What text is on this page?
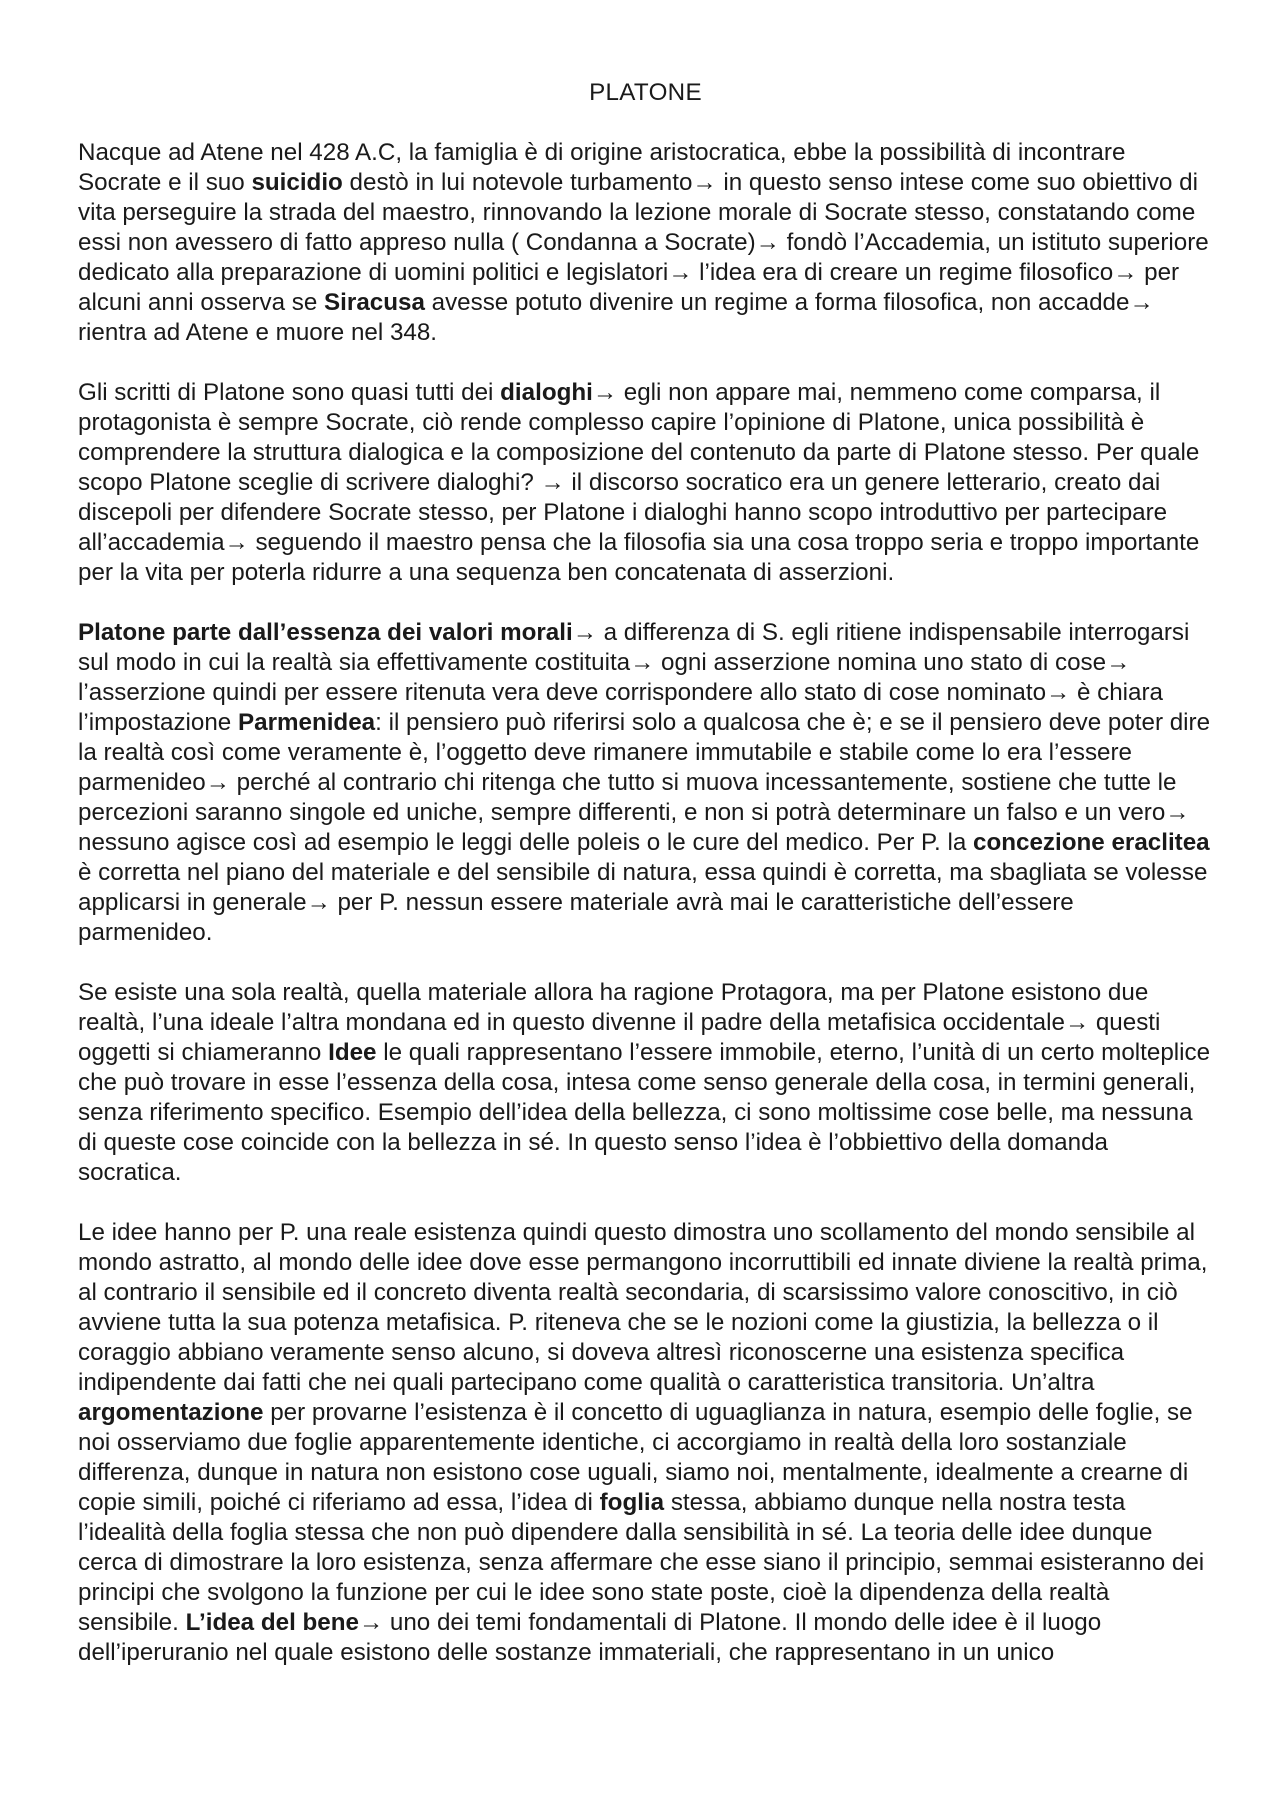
PLATONE

Nacque ad Atene nel 428 A.C, la famiglia è di origine aristocratica, ebbe la possibilità di incontrare Socrate e il suo suicidio destò in lui notevole turbamento→ in questo senso intese come suo obiettivo di vita perseguire la strada del maestro, rinnovando la lezione morale di Socrate stesso, constatando come essi non avessero di fatto appreso nulla ( Condanna a Socrate)→ fondò l’Accademia, un istituto superiore dedicato alla preparazione di uomini politici e legislatori→ l’idea era di creare un regime filosofico→ per alcuni anni osserva se Siracusa avesse potuto divenire un regime a forma filosofica, non accadde→ rientra ad Atene e muore nel 348.

Gli scritti di Platone sono quasi tutti dei dialoghi→ egli non appare mai, nemmeno come comparsa, il protagonista è sempre Socrate, ciò rende complesso capire l’opinione di Platone, unica possibilità è comprendere la struttura dialogica e la composizione del contenuto da parte di Platone stesso. Per quale scopo Platone sceglie di scrivere dialoghi? → il discorso socratico era un genere letterario, creato dai discepoli per difendere Socrate stesso, per Platone i dialoghi hanno scopo introduttivo per partecipare all’accademia→ seguendo il maestro pensa che la filosofia sia una cosa troppo seria e troppo importante per la vita per poterla ridurre a una sequenza ben concatenata di asserzioni.

Platone parte dall’essenza dei valori morali→ a differenza di S. egli ritiene indispensabile interrogarsi sul modo in cui la realtà sia effettivamente costituita→ ogni asserzione nomina uno stato di cose→ l’asserzione quindi per essere ritenuta vera deve corrispondere allo stato di cose nominato→ è chiara l’impostazione Parmenidea: il pensiero può riferirsi solo a qualcosa che è; e se il pensiero deve poter dire la realtà così come veramente è, l’oggetto deve rimanere immutabile e stabile come lo era l’essere parmenideo→ perché al contrario chi ritenga che tutto si muova incessantemente, sostiene che tutte le percezioni saranno singole ed uniche, sempre differenti, e non si potrà determinare un falso e un vero→ nessuno agisce così ad esempio le leggi delle poleis o le cure del medico. Per P. la concezione eraclitea è corretta nel piano del materiale e del sensibile di natura, essa quindi è corretta, ma sbagliata se volesse applicarsi in generale→ per P. nessun essere materiale avrà mai le caratteristiche dell’essere parmenideo.

Se esiste una sola realtà, quella materiale allora ha ragione Protagora, ma per Platone esistono due realtà, l’una ideale l’altra mondana ed in questo divenne il padre della metafisica occidentale→ questi oggetti si chiameranno Idee le quali rappresentano l’essere immobile, eterno, l’unità di un certo molteplice che può trovare in esse l’essenza della cosa, intesa come senso generale della cosa, in termini generali, senza riferimento specifico. Esempio dell’idea della bellezza, ci sono moltissime cose belle, ma nessuna di queste cose coincide con la bellezza in sé. In questo senso l’idea è l’obbiettivo della domanda socratica.

Le idee hanno per P. una reale esistenza quindi questo dimostra uno scollamento del mondo sensibile al mondo astratto, al mondo delle idee dove esse permangono incorruttibili ed innate diviene la realtà prima, al contrario il sensibile ed il concreto diventa realtà secondaria, di scarsissimo valore conoscitivo, in ciò avviene tutta la sua potenza metafisica. P. riteneva che se le nozioni come la giustizia, la bellezza o il coraggio abbiano veramente senso alcuno, si doveva altresì riconoscerne una esistenza specifica indipendente dai fatti che nei quali partecipano come qualità o caratteristica transitoria. Un’altra argomentazione per provarne l’esistenza è il concetto di uguaglianza in natura, esempio delle foglie, se noi osserviamo due foglie apparentemente identiche, ci accorgiamo in realtà della loro sostanziale differenza, dunque in natura non esistono cose uguali, siamo noi, mentalmente, idealmente a crearne di copie simili, poiché ci riferiamo ad essa, l’idea di foglia stessa, abbiamo dunque nella nostra testa l’idealità della foglia stessa che non può dipendere dalla sensibilità in sé. La teoria delle idee dunque cerca di dimostrare la loro esistenza, senza affermare che esse siano il principio, semmai esisteranno dei principi che svolgono la funzione per cui le idee sono state poste, cioè la dipendenza della realtà sensibile. L’idea del bene→ uno dei temi fondamentali di Platone. Il mondo delle idee è il luogo dell’iperuranio nel quale esistono delle sostanze immateriali, che rappresentano in un unico
